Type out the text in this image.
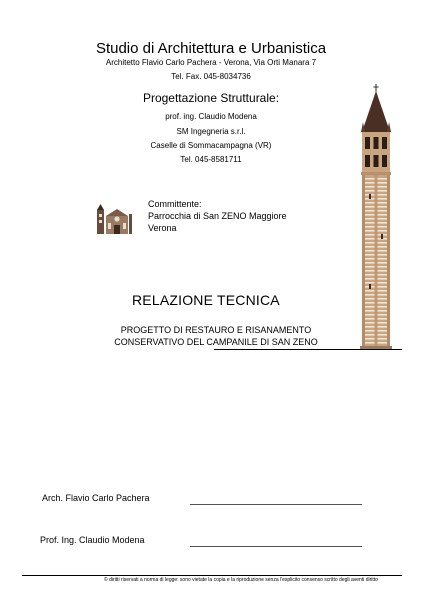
Studio di Architettura e Urbanistica
Architetto Flavio Carlo Pachera - Verona, Via Orti Manara 7
Tel. Fax. 045-8034736
Progettazione Strutturale:
prof. ing. Claudio Modena
SM Ingegneria s.r.l.
Caselle di Sommacampagna (VR)
Tel. 045-8581711
Committente:
Parrocchia di San ZENO Maggiore
Verona
RELAZIONE TECNICA
PROGETTO DI RESTAURO E RISANAMENTO
CONSERVATIVO DEL CAMPANILE DI SAN ZENO
Arch. Flavio Carlo Pachera
Prof. Ing. Claudio Modena
© diritti riservati a norma di legge: sono vietate la copia e la riproduzione senza l'esplicito consenso scritto degli aventi diritto
